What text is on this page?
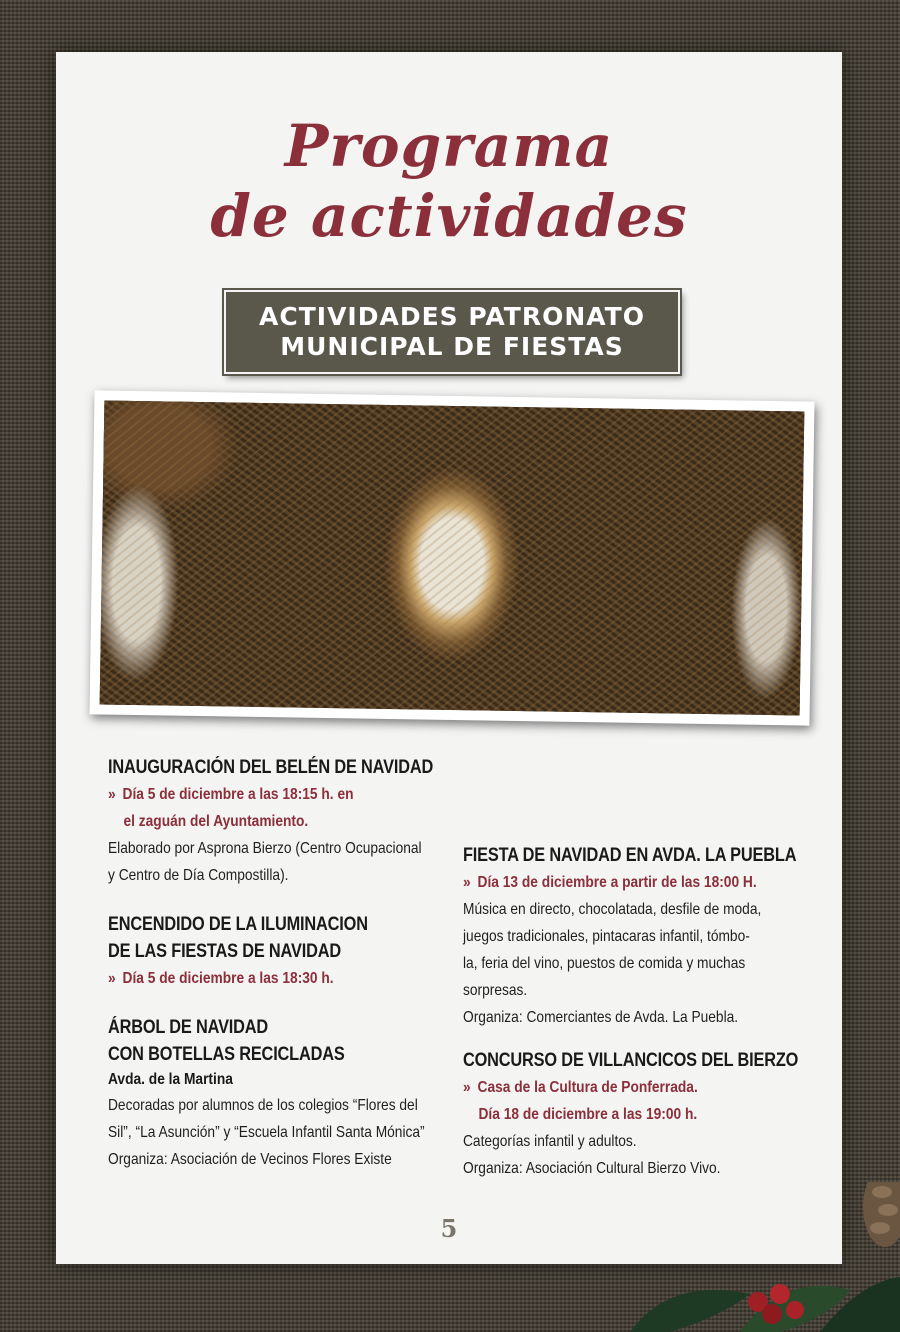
Programa
de actividades
ACTIVIDADES PATRONATO
MUNICIPAL DE FIESTAS
INAUGURACIÓN DEL BELÉN DE NAVIDAD
» Día 5 de diciembre a las 18:15 h. en
el zaguán del Ayuntamiento.
Elaborado por Asprona Bierzo (Centro Ocupacional
y Centro de Día Compostilla).
ENCENDIDO DE LA ILUMINACION
DE LAS FIESTAS DE NAVIDAD
» Día 5 de diciembre a las 18:30 h.
ÁRBOL DE NAVIDAD
CON BOTELLAS RECICLADAS
Avda. de la Martina
Decoradas por alumnos de los colegios “Flores del
Sil”, “La Asunción” y “Escuela Infantil Santa Mónica”
Organiza: Asociación de Vecinos Flores Existe
FIESTA DE NAVIDAD EN AVDA. LA PUEBLA
» Día 13 de diciembre a partir de las 18:00 H.
Música en directo, chocolatada, desfile de moda,
juegos tradicionales, pintacaras infantil, tómbo-
la, feria del vino, puestos de comida y muchas
sorpresas.
Organiza: Comerciantes de Avda. La Puebla.
CONCURSO DE VILLANCICOS DEL BIERZO
» Casa de la Cultura de Ponferrada.
Día 18 de diciembre a las 19:00 h.
Categorías infantil y adultos.
Organiza: Asociación Cultural Bierzo Vivo.
5
